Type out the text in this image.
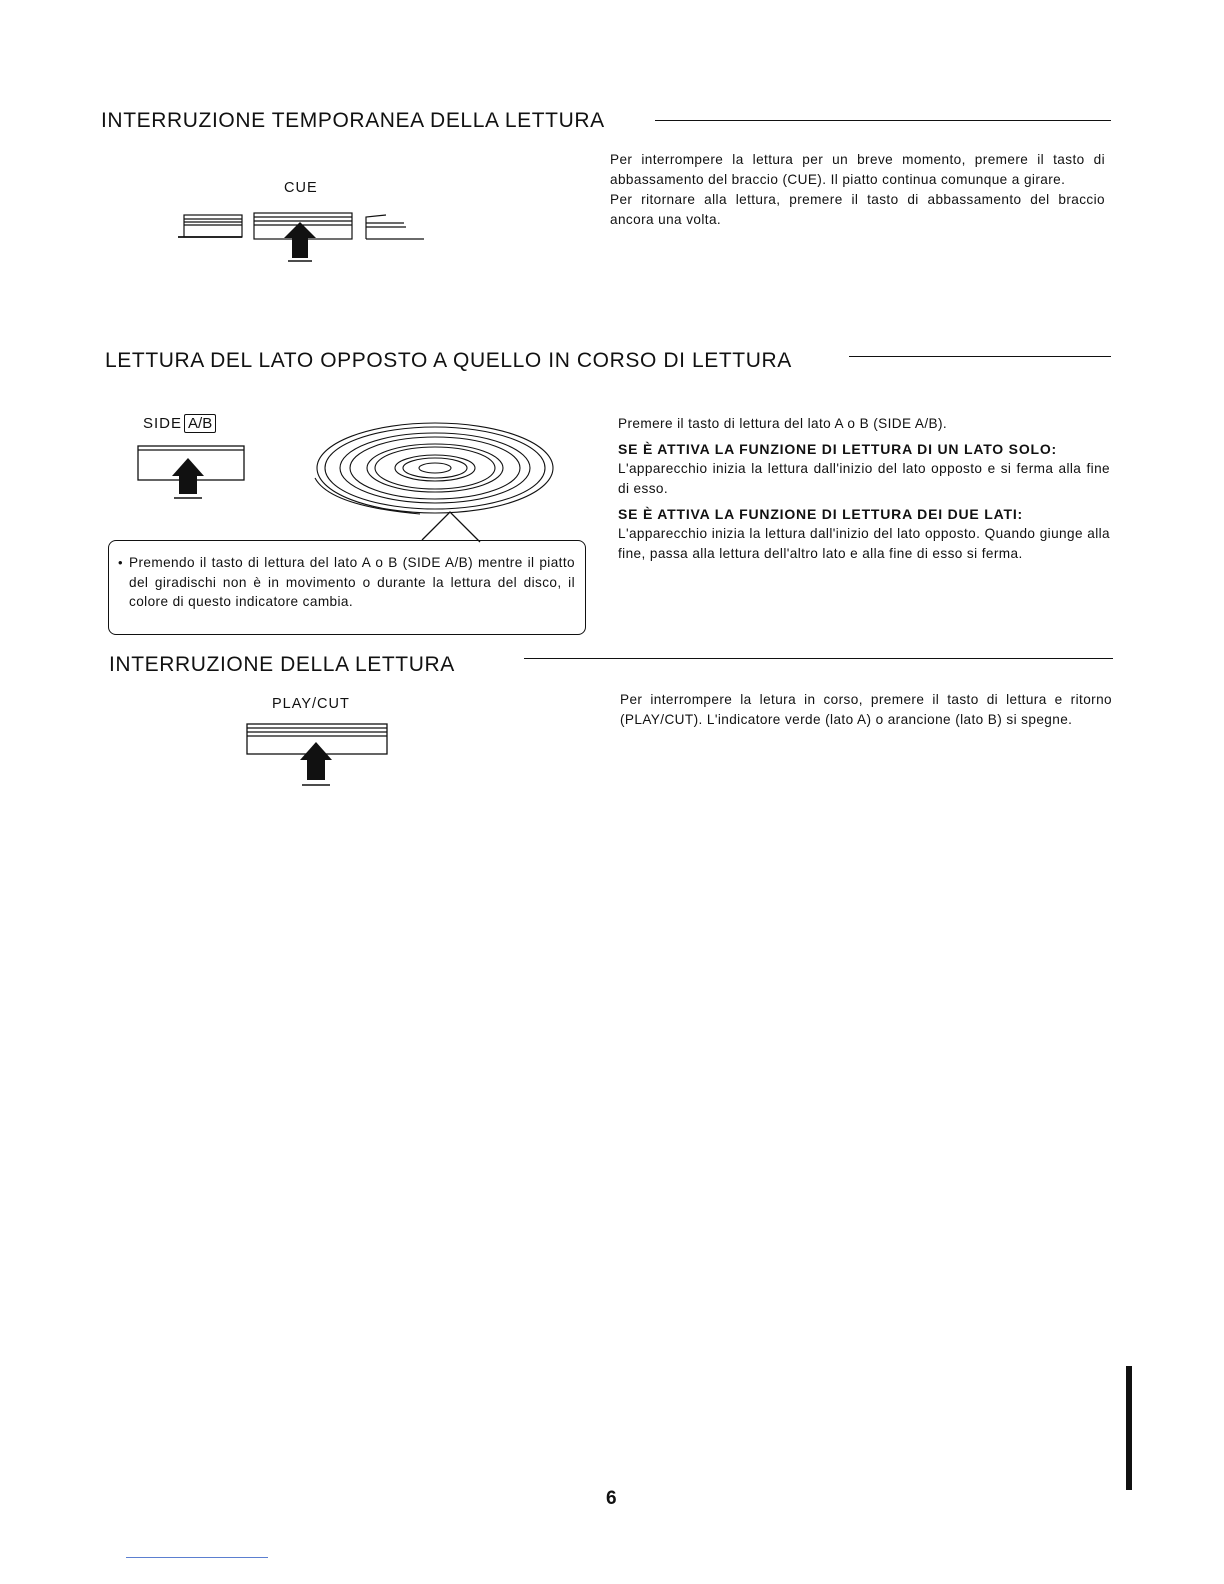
INTERRUZIONE TEMPORANEA DELLA LETTURA
CUE

Per interrompere la lettura per un breve momento, premere il tasto di abbassamento del braccio (CUE). Il piatto continua comunque a girare.

Per ritornare alla lettura, premere il tasto di abbassamento del braccio ancora una volta.

LETTURA DEL LATO OPPOSTO A QUELLO IN CORSO DI LETTURA
SIDE A/B
• Premendo il tasto di lettura del lato A o B (SIDE A/B) mentre il piatto del giradischi non è in movimento o durante la lettura del disco, il colore di questo indicatore cambia.

Premere il tasto di lettura del lato A o B (SIDE A/B).

SE È ATTIVA LA FUNZIONE DI LETTURA DI UN LATO SOLO:

L'apparecchio inizia la lettura dall'inizio del lato opposto e si ferma alla fine di esso.

SE È ATTIVA LA FUNZIONE DI LETTURA DEI DUE LATI:

L'apparecchio inizia la lettura dall'inizio del lato opposto. Quando giunge alla fine, passa alla lettura dell'altro lato e alla fine di esso si ferma.

INTERRUZIONE DELLA LETTURA
PLAY/CUT	Per interrompere la letura in corso, premere il tasto di lettura e ritorno (PLAY/CUT). L'indicatore verde (lato A) o arancione (lato B) si spegne.

6
